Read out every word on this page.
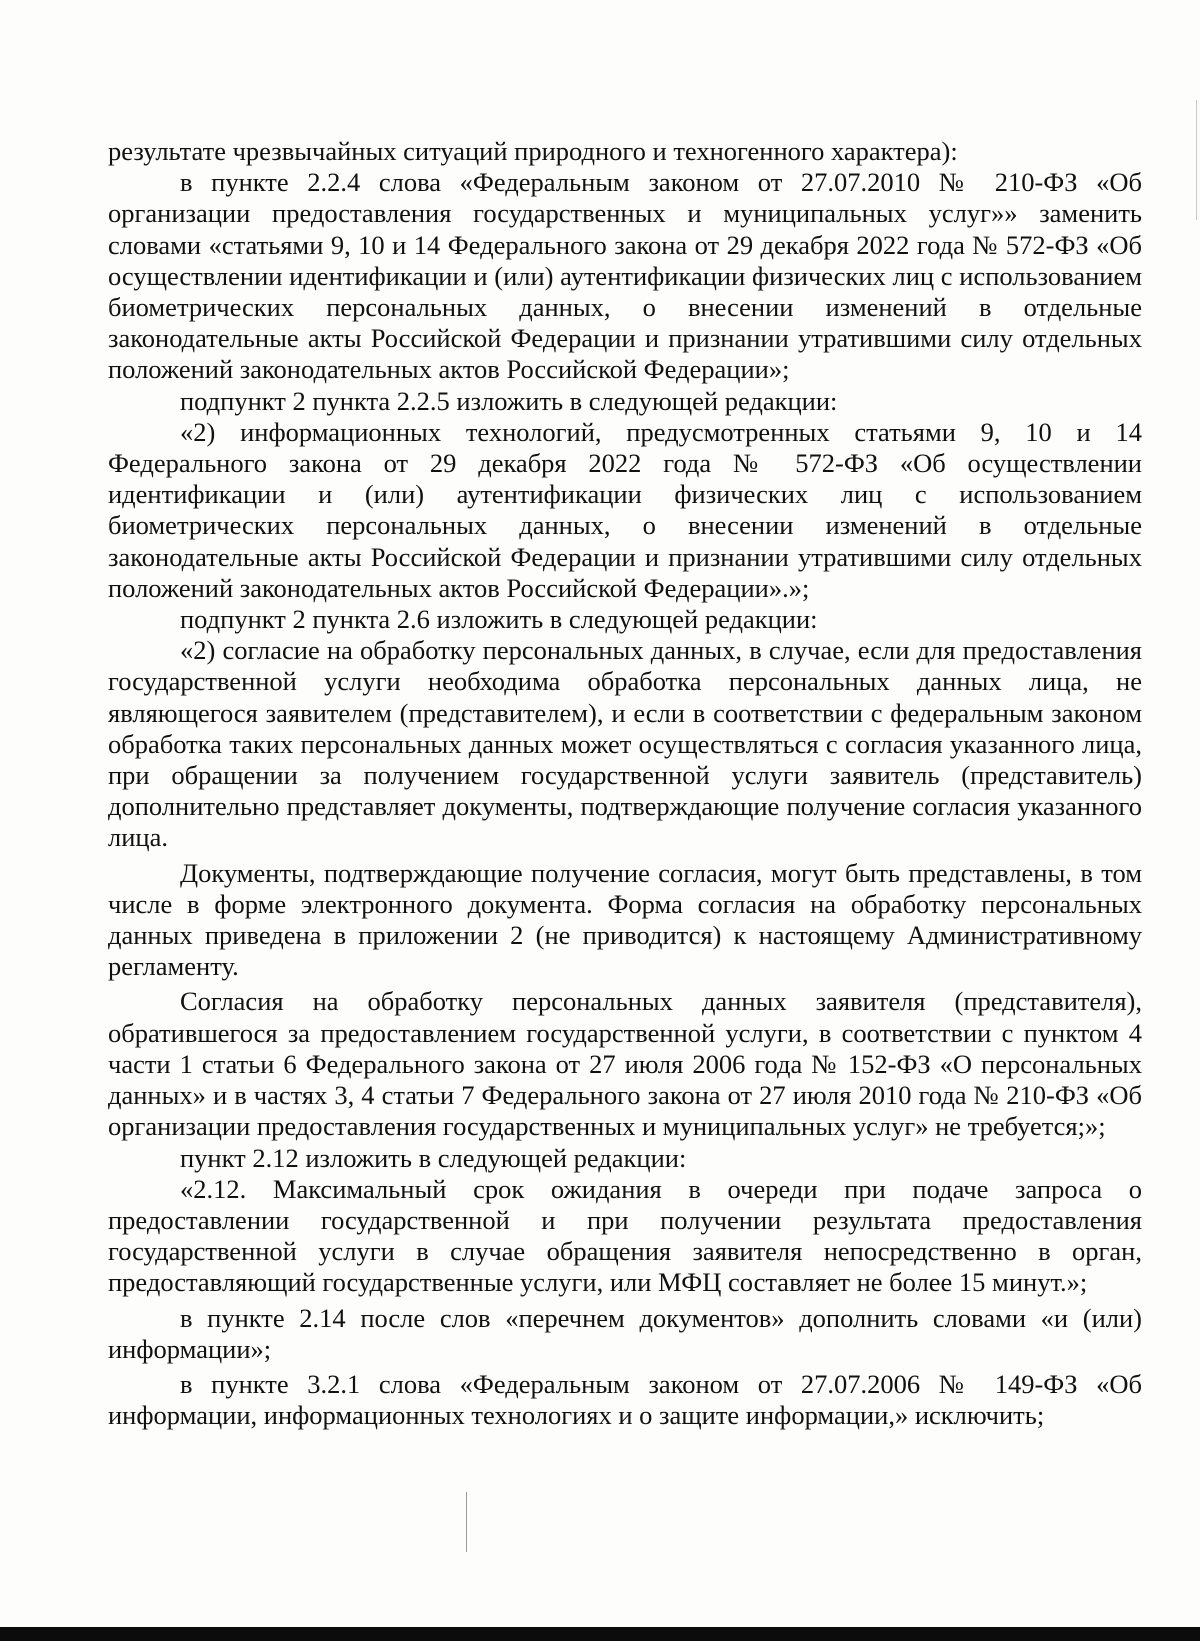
результате чрезвычайных ситуаций природного и техногенного характера):

в пункте 2.2.4 слова «Федеральным законом от 27.07.2010 № 210-ФЗ «Об организации предоставления государственных и муниципальных услуг»» заменить словами «статьями 9, 10 и 14 Федерального закона от 29 декабря 2022 года № 572-ФЗ «Об осуществлении идентификации и (или) аутентификации физических лиц с использованием биометрических персональных данных, о внесении изменений в отдельные законодательные акты Российской Федерации и признании утратившими силу отдельных положений законодательных актов Российской Федерации»;

подпункт 2 пункта 2.2.5 изложить в следующей редакции:

«2) информационных технологий, предусмотренных статьями 9, 10 и 14 Федерального закона от 29 декабря 2022 года № 572-ФЗ «Об осуществлении идентификации и (или) аутентификации физических лиц с использованием биометрических персональных данных, о внесении изменений в отдельные законодательные акты Российской Федерации и признании утратившими силу отдельных положений законодательных актов Российской Федерации».»;

подпункт 2 пункта 2.6 изложить в следующей редакции:

«2) согласие на обработку персональных данных, в случае, если для предоставления государственной услуги необходима обработка персональных данных лица, не являющегося заявителем (представителем), и если в соответствии с федеральным законом обработка таких персональных данных может осуществляться с согласия указанного лица, при обращении за получением государственной услуги заявитель (представитель) дополнительно представляет документы, подтверждающие получение согласия указанного лица.

Документы, подтверждающие получение согласия, могут быть представлены, в том числе в форме электронного документа. Форма согласия на обработку персональных данных приведена в приложении 2 (не приводится) к настоящему Административному регламенту.

Согласия на обработку персональных данных заявителя (представителя), обратившегося за предоставлением государственной услуги, в соответствии с пунктом 4 части 1 статьи 6 Федерального закона от 27 июля 2006 года № 152-ФЗ «О персональных данных» и в частях 3, 4 статьи 7 Федерального закона от 27 июля 2010 года № 210-ФЗ «Об организации предоставления государственных и муниципальных услуг» не требуется;»;

пункт 2.12 изложить в следующей редакции:

«2.12. Максимальный срок ожидания в очереди при подаче запроса о предоставлении государственной и при получении результата предоставления государственной услуги в случае обращения заявителя непосредственно в орган, предоставляющий государственные услуги, или МФЦ составляет не более 15 минут.»;

в пункте 2.14 после слов «перечнем документов» дополнить словами «и (или) информации»;

в пункте 3.2.1 слова «Федеральным законом от 27.07.2006 № 149-ФЗ «Об информации, информационных технологиях и о защите информации,» исключить;
